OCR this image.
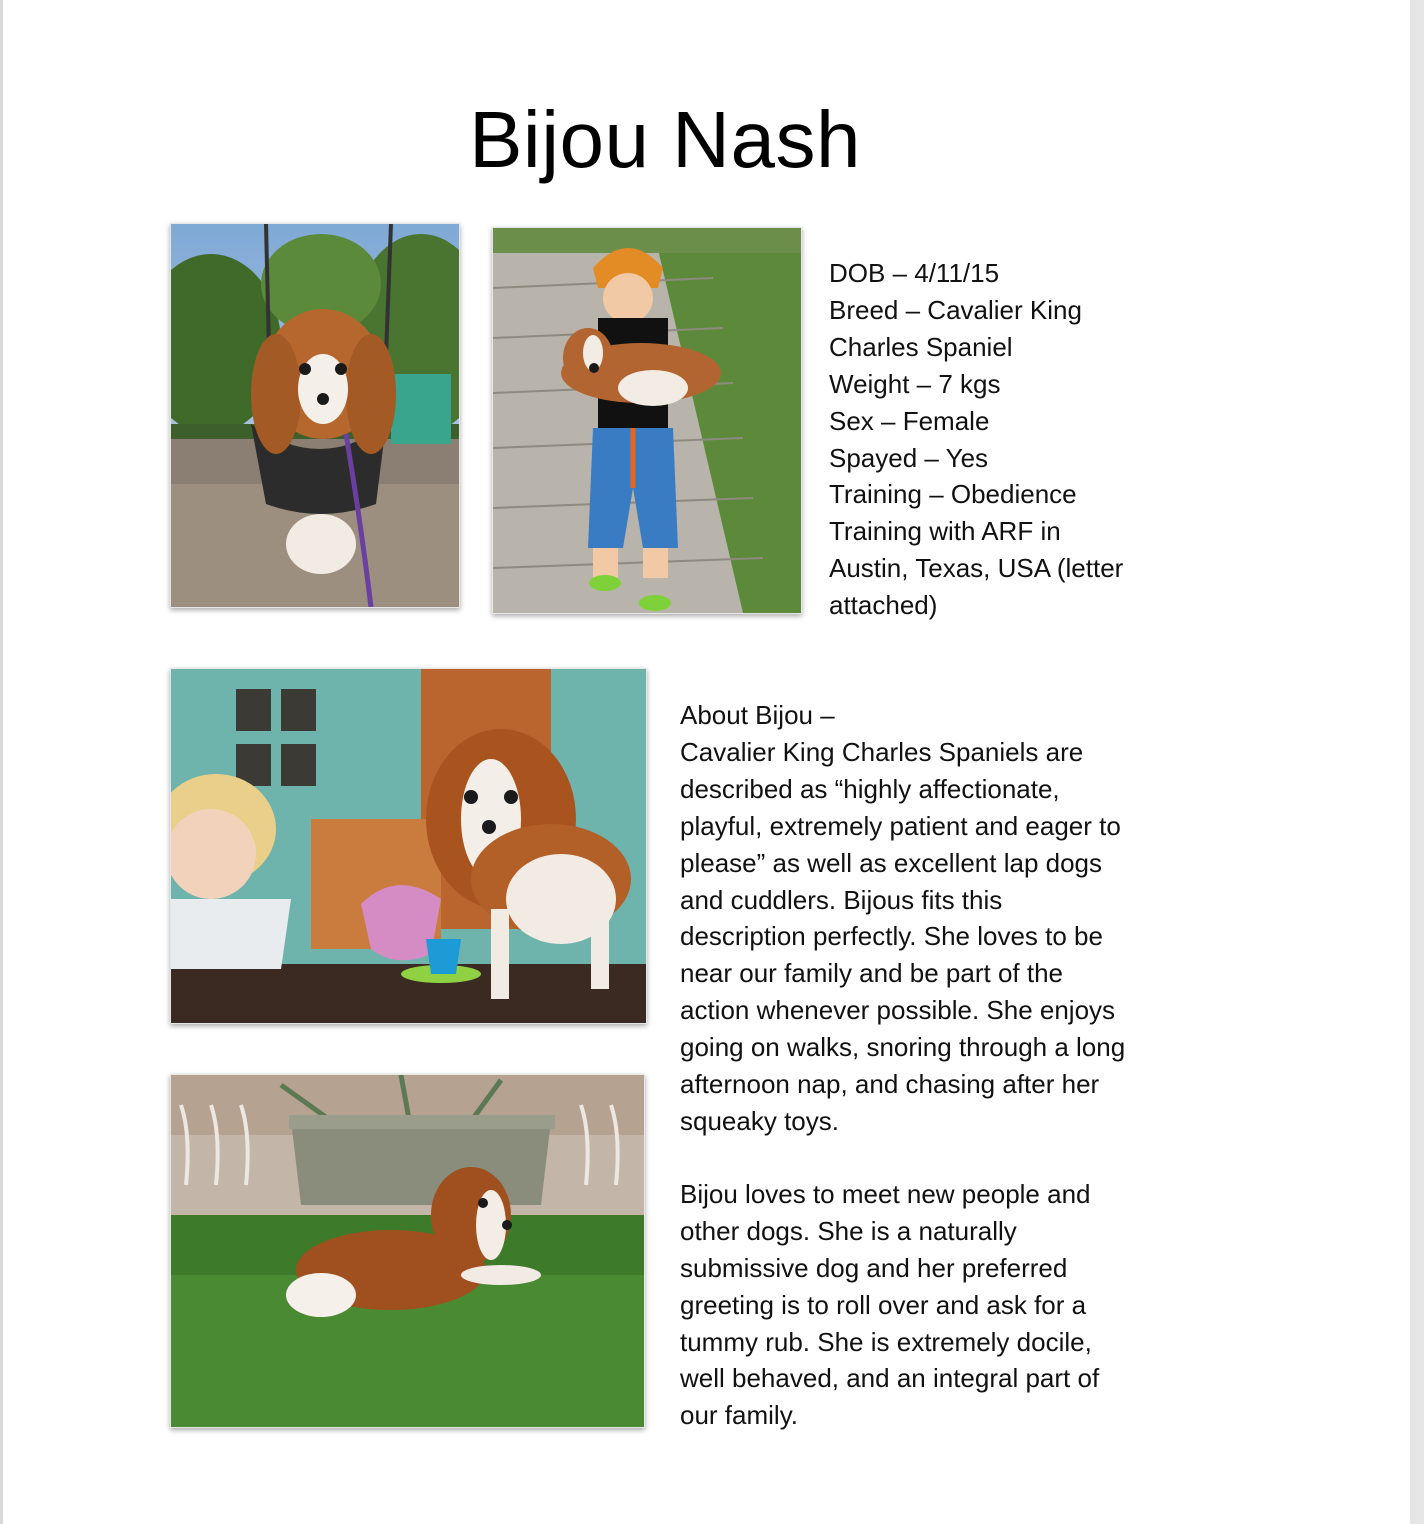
Bijou Nash
DOB – 4/11/15
Breed – Cavalier King
Charles Spaniel
Weight – 7 kgs
Sex – Female
Spayed – Yes
Training – Obedience
Training with ARF in
Austin, Texas, USA (letter
attached)
About Bijou –
Cavalier King Charles Spaniels are
described as “highly affectionate,
playful, extremely patient and eager to
please” as well as excellent lap dogs
and cuddlers. Bijous fits this
description perfectly. She loves to be
near our family and be part of the
action whenever possible. She enjoys
going on walks, snoring through a long
afternoon nap, and chasing after her
squeaky toys.
Bijou loves to meet new people and
other dogs. She is a naturally
submissive dog and her preferred
greeting is to roll over and ask for a
tummy rub. She is extremely docile,
well behaved, and an integral part of
our family.
